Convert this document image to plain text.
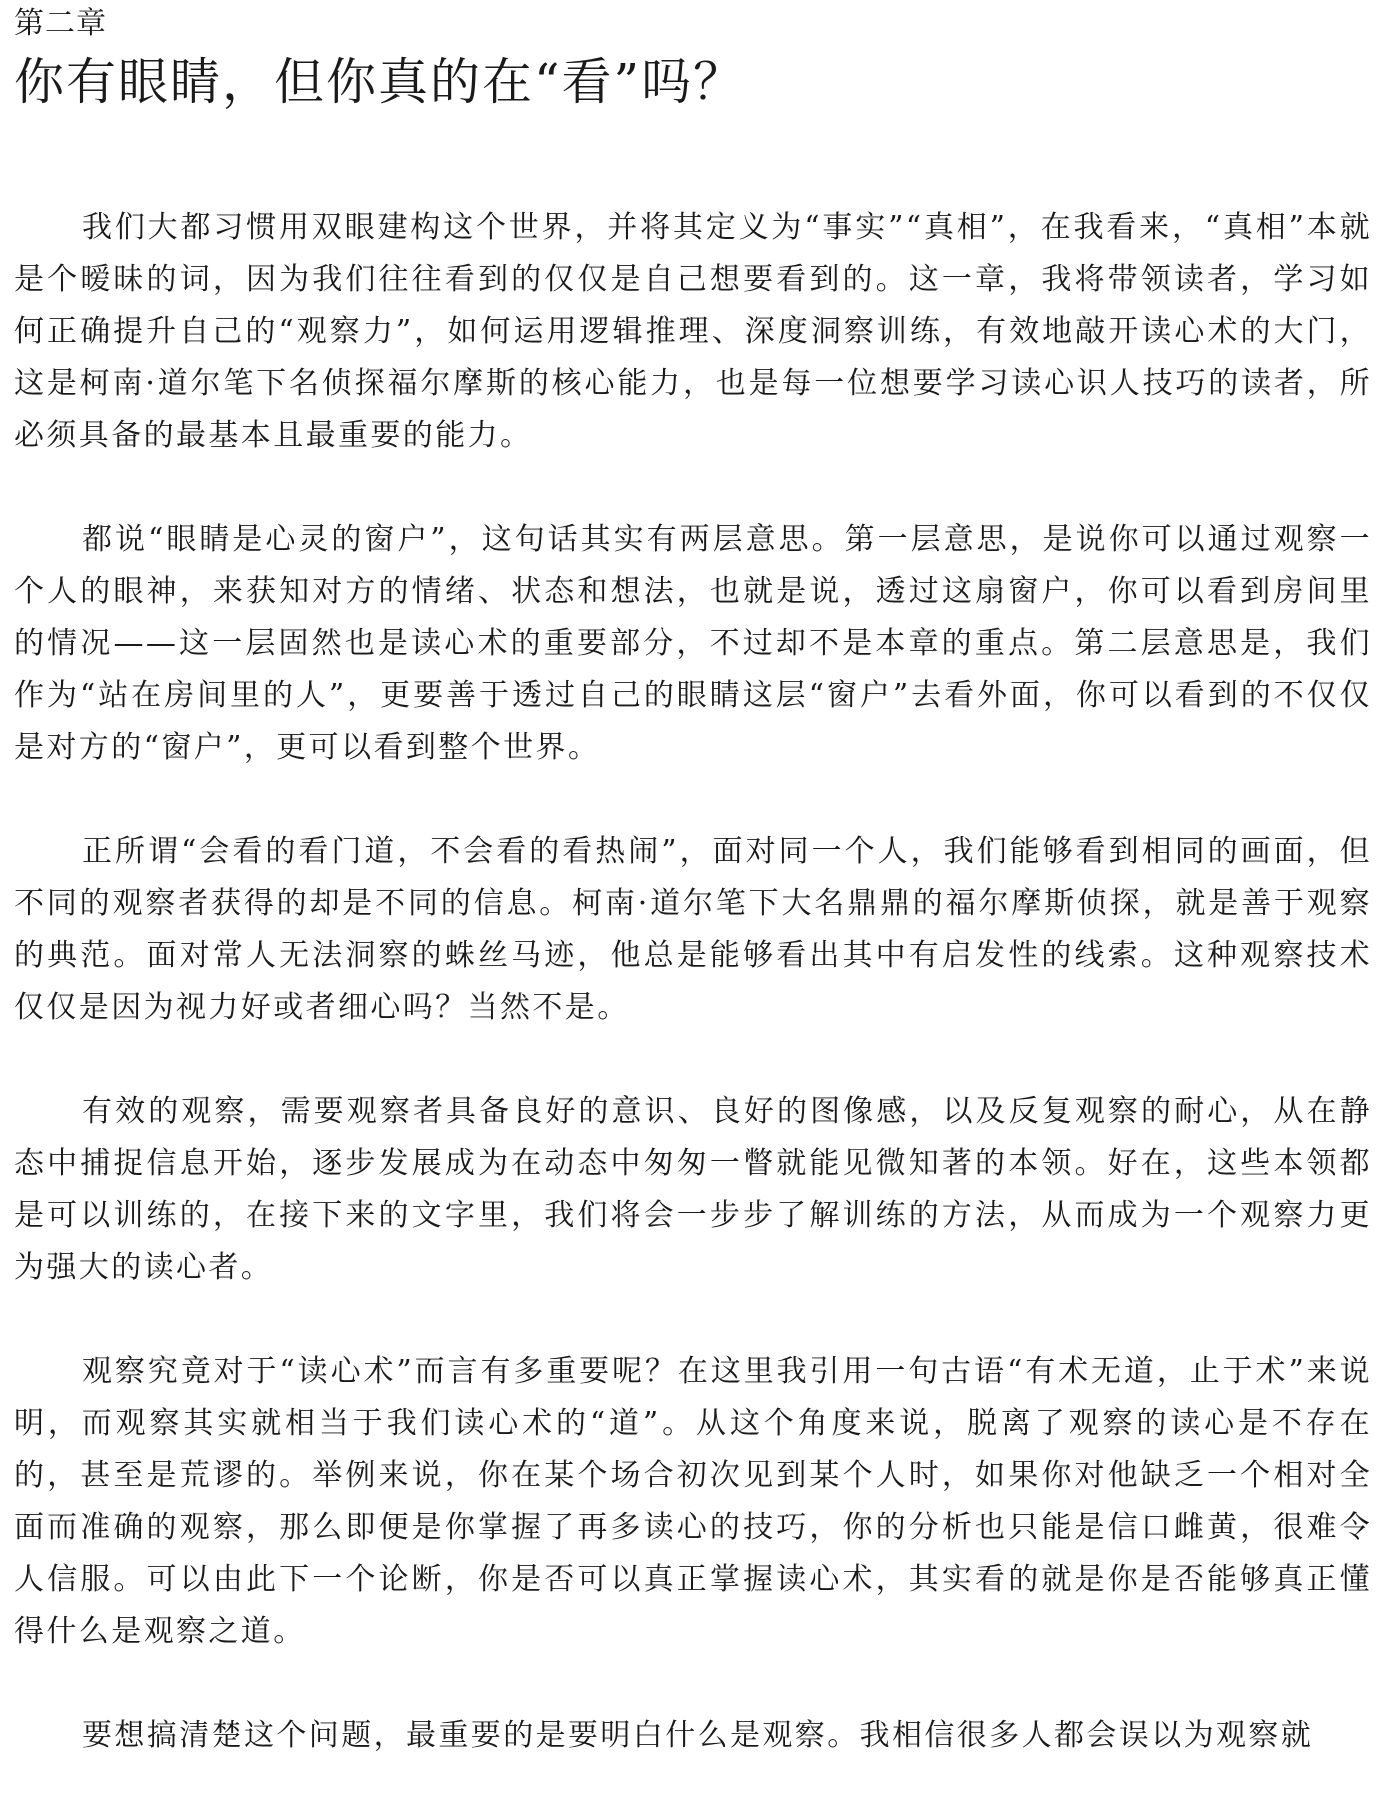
第二章
你有眼睛，但你真的在“看”吗？

我们大都习惯用双眼建构这个世界，并将其定义为“事实”“真相”，在我看来，“真相”本就是个暧昧的词，因为我们往往看到的仅仅是自己想要看到的。这一章，我将带领读者，学习如何正确提升自己的“观察力”，如何运用逻辑推理、深度洞察训练，有效地敲开读心术的大门，这是柯南·道尔笔下名侦探福尔摩斯的核心能力，也是每一位想要学习读心识人技巧的读者，所必须具备的最基本且最重要的能力。

都说“眼睛是心灵的窗户”，这句话其实有两层意思。第一层意思，是说你可以通过观察一个人的眼神，来获知对方的情绪、状态和想法，也就是说，透过这扇窗户，你可以看到房间里的情况——这一层固然也是读心术的重要部分，不过却不是本章的重点。第二层意思是，我们作为“站在房间里的人”，更要善于透过自己的眼睛这层“窗户”去看外面，你可以看到的不仅仅是对方的“窗户”，更可以看到整个世界。

正所谓“会看的看门道，不会看的看热闹”，面对同一个人，我们能够看到相同的画面，但不同的观察者获得的却是不同的信息。柯南·道尔笔下大名鼎鼎的福尔摩斯侦探，就是善于观察的典范。面对常人无法洞察的蛛丝马迹，他总是能够看出其中有启发性的线索。这种观察技术仅仅是因为视力好或者细心吗？当然不是。

有效的观察，需要观察者具备良好的意识、良好的图像感，以及反复观察的耐心，从在静态中捕捉信息开始，逐步发展成为在动态中匆匆一瞥就能见微知著的本领。好在，这些本领都是可以训练的，在接下来的文字里，我们将会一步步了解训练的方法，从而成为一个观察力更为强大的读心者。

观察究竟对于“读心术”而言有多重要呢？在这里我引用一句古语“有术无道，止于术”来说明，而观察其实就相当于我们读心术的“道”。从这个角度来说，脱离了观察的读心是不存在的，甚至是荒谬的。举例来说，你在某个场合初次见到某个人时，如果你对他缺乏一个相对全面而准确的观察，那么即便是你掌握了再多读心的技巧，你的分析也只能是信口雌黄，很难令人信服。可以由此下一个论断，你是否可以真正掌握读心术，其实看的就是你是否能够真正懂得什么是观察之道。

要想搞清楚这个问题，最重要的是要明白什么是观察。我相信很多人都会误以为观察就
